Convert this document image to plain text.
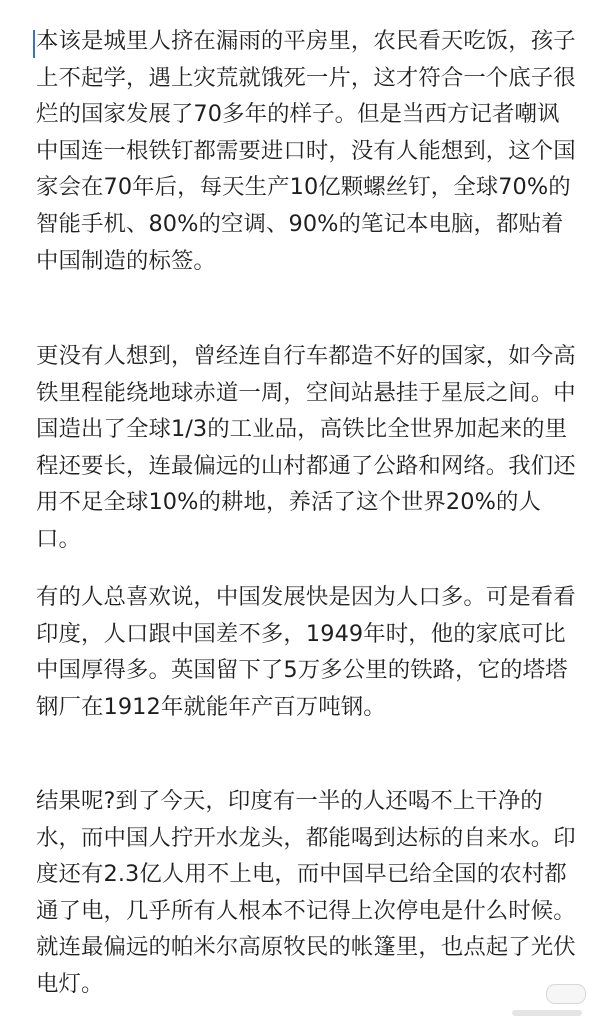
本该是城里人挤在漏雨的平房里，农民看天吃饭，孩子上不起学，遇上灾荒就饿死一片，这才符合一个底子很烂的国家发展了70多年的样子。但是当西方记者嘲讽中国连一根铁钉都需要进口时，没有人能想到，这个国家会在70年后，每天生产10亿颗螺丝钉，全球70%的智能手机、80%的空调、90%的笔记本电脑，都贴着中国制造的标签。
更没有人想到，曾经连自行车都造不好的国家，如今高铁里程能绕地球赤道一周，空间站悬挂于星辰之间。中国造出了全球1/3的工业品，高铁比全世界加起来的里程还要长，连最偏远的山村都通了公路和网络。我们还用不足全球10%的耕地，养活了这个世界20%的人口。
有的人总喜欢说，中国发展快是因为人口多。可是看看印度，人口跟中国差不多，1949年时，他的家底可比中国厚得多。英国留下了5万多公里的铁路，它的塔塔钢厂在1912年就能年产百万吨钢。
结果呢?到了今天，印度有一半的人还喝不上干净的水，而中国人拧开水龙头，都能喝到达标的自来水。印度还有2.3亿人用不上电，而中国早已给全国的农村都通了电，几乎所有人根本不记得上次停电是什么时候。就连最偏远的帕米尔高原牧民的帐篷里，也点起了光伏电灯。
